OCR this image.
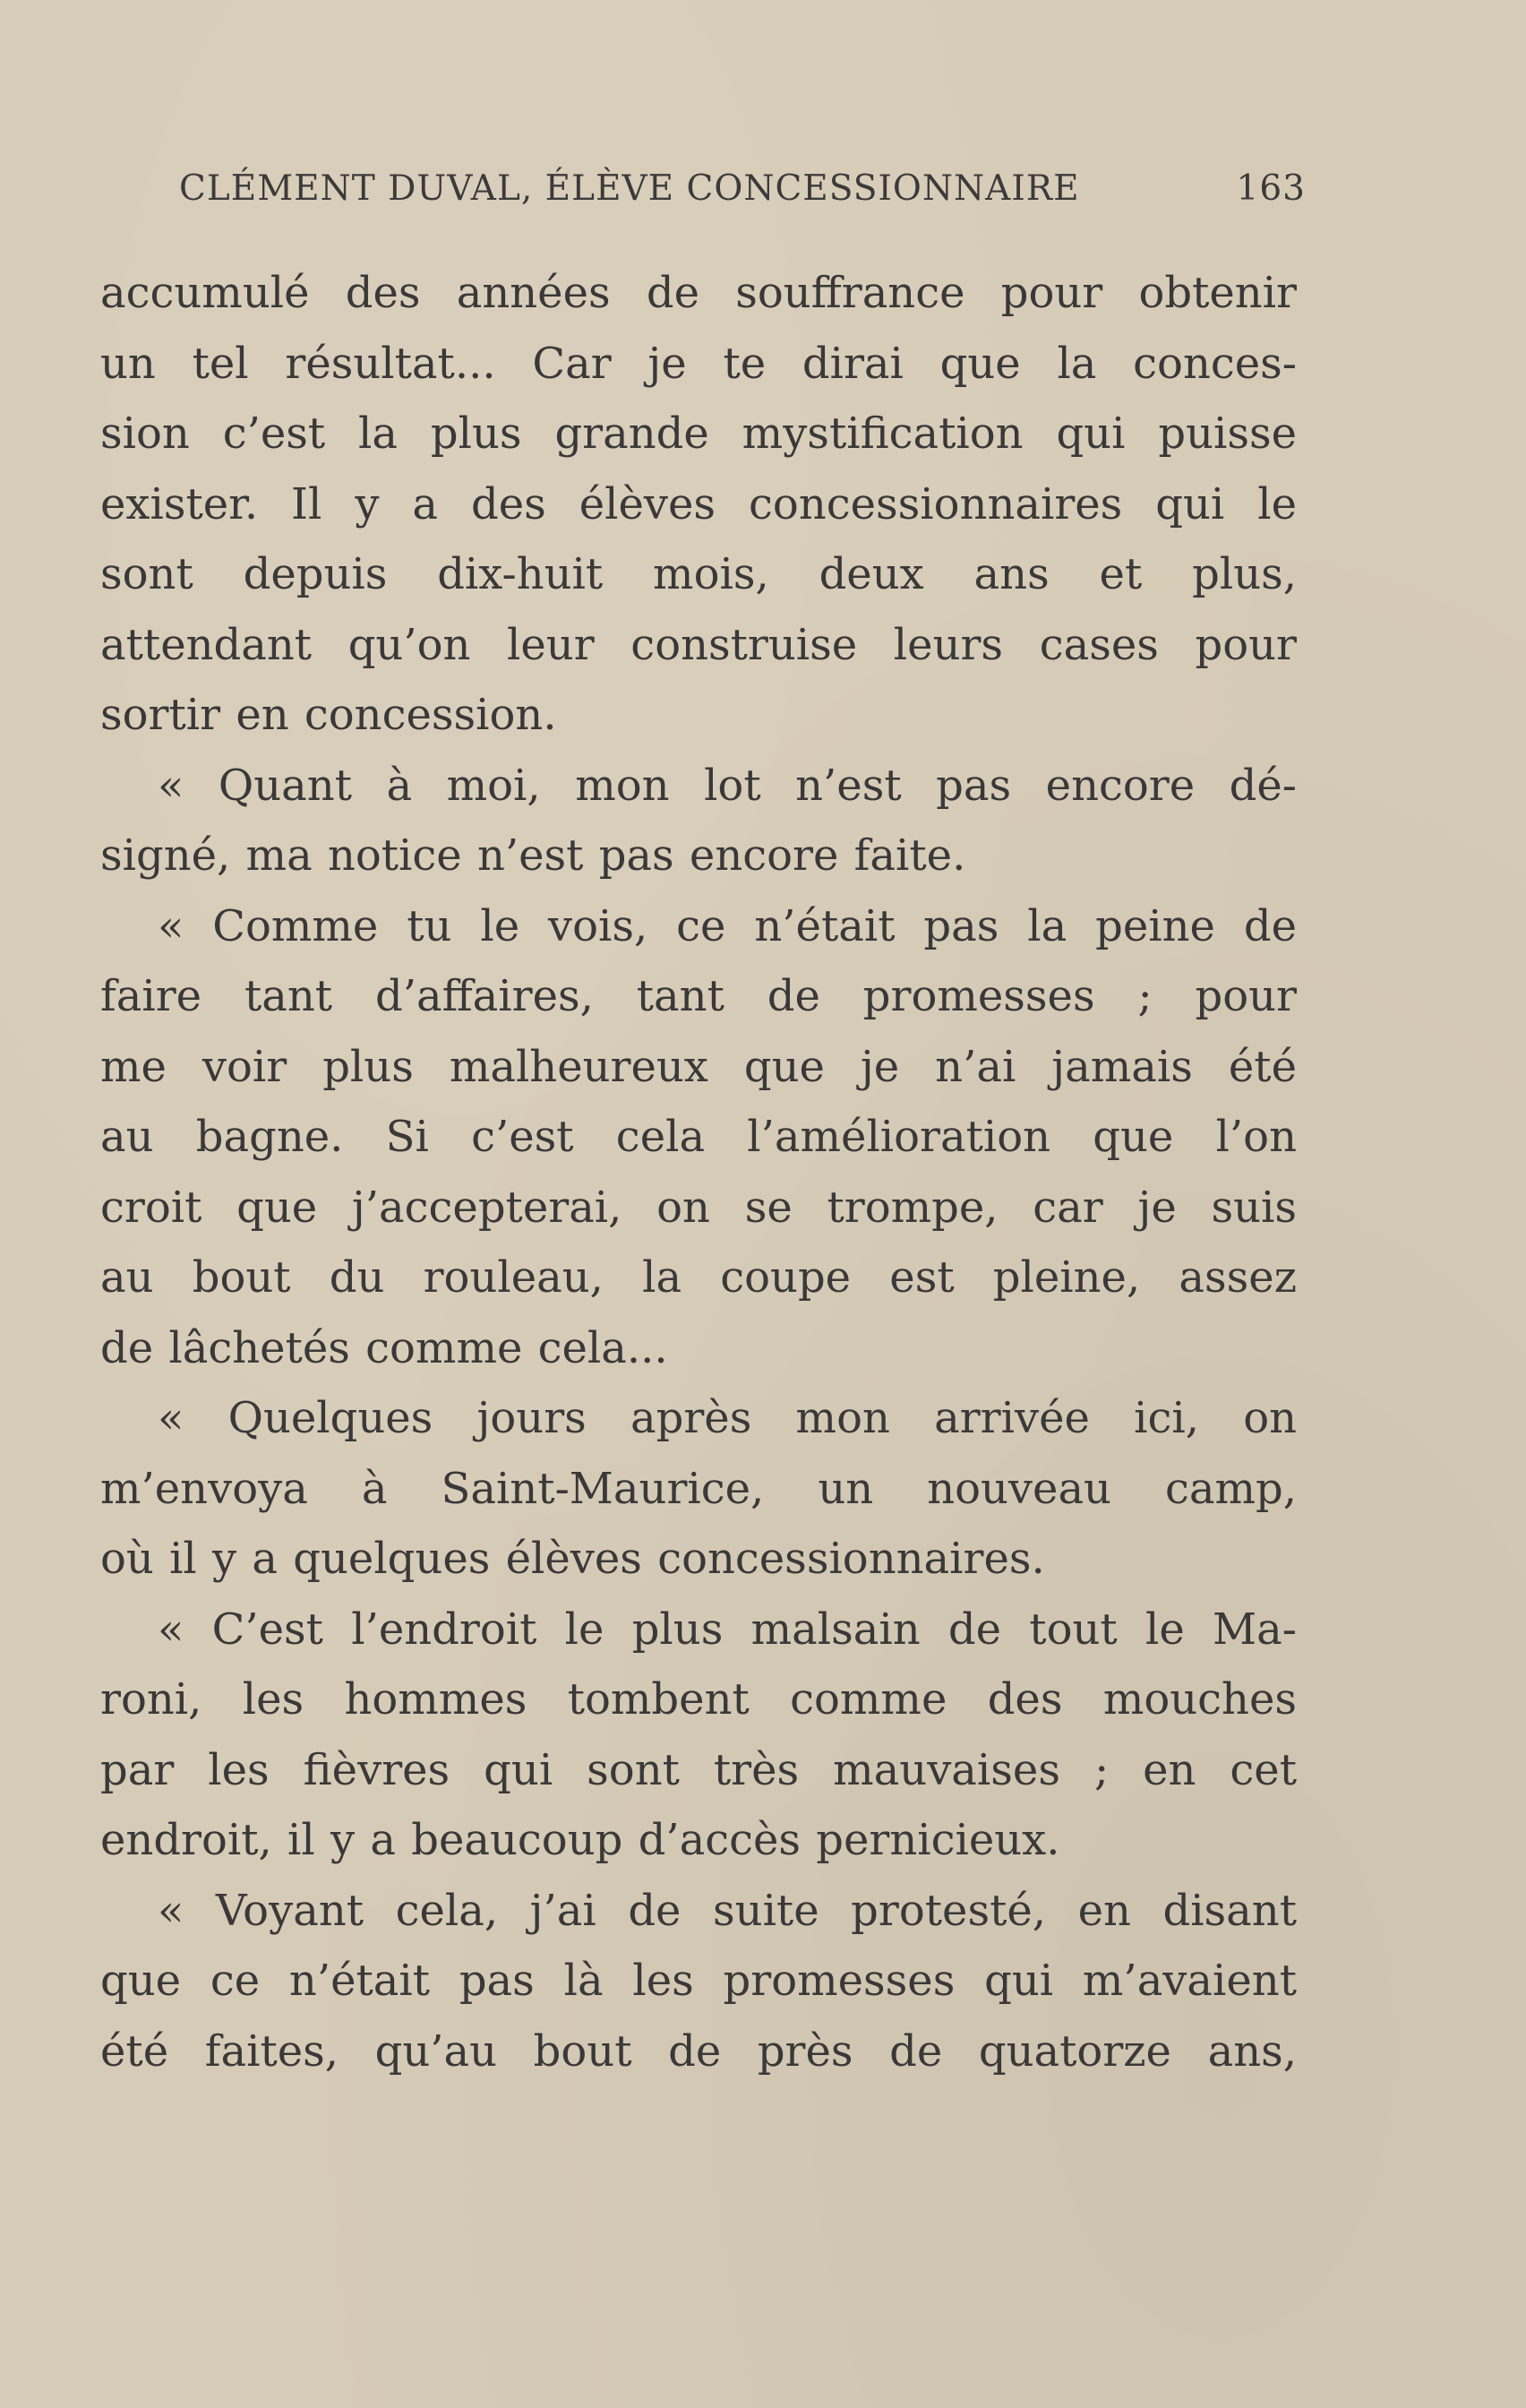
CLÉMENT DUVAL, ÉLÈVE CONCESSIONNAIRE	163
accumulé des années de souffrance pour obtenir
un tel résultat... Car je te dirai que la conces-
sion c’est la plus grande mystification qui puisse
exister. Il y a des élèves concessionnaires qui le
sont depuis dix-huit mois, deux ans et plus,
attendant qu’on leur construise leurs cases pour
sortir en concession.
« Quant à moi, mon lot n’est pas encore dé-
signé, ma notice n’est pas encore faite.
« Comme tu le vois, ce n’était pas la peine de
faire tant d’affaires, tant de promesses ; pour
me voir plus malheureux que je n’ai jamais été
au bagne. Si c’est cela l’amélioration que l’on
croit que j’accepterai, on se trompe, car je suis
au bout du rouleau, la coupe est pleine, assez
de lâchetés comme cela...
« Quelques jours après mon arrivée ici, on
m’envoya à Saint-Maurice, un nouveau camp,
où il y a quelques élèves concessionnaires.
« C’est l’endroit le plus malsain de tout le Ma-
roni, les hommes tombent comme des mouches
par les fièvres qui sont très mauvaises ; en cet
endroit, il y a beaucoup d’accès pernicieux.
« Voyant cela, j’ai de suite protesté, en disant
que ce n’était pas là les promesses qui m’avaient
été faites, qu’au bout de près de quatorze ans,
